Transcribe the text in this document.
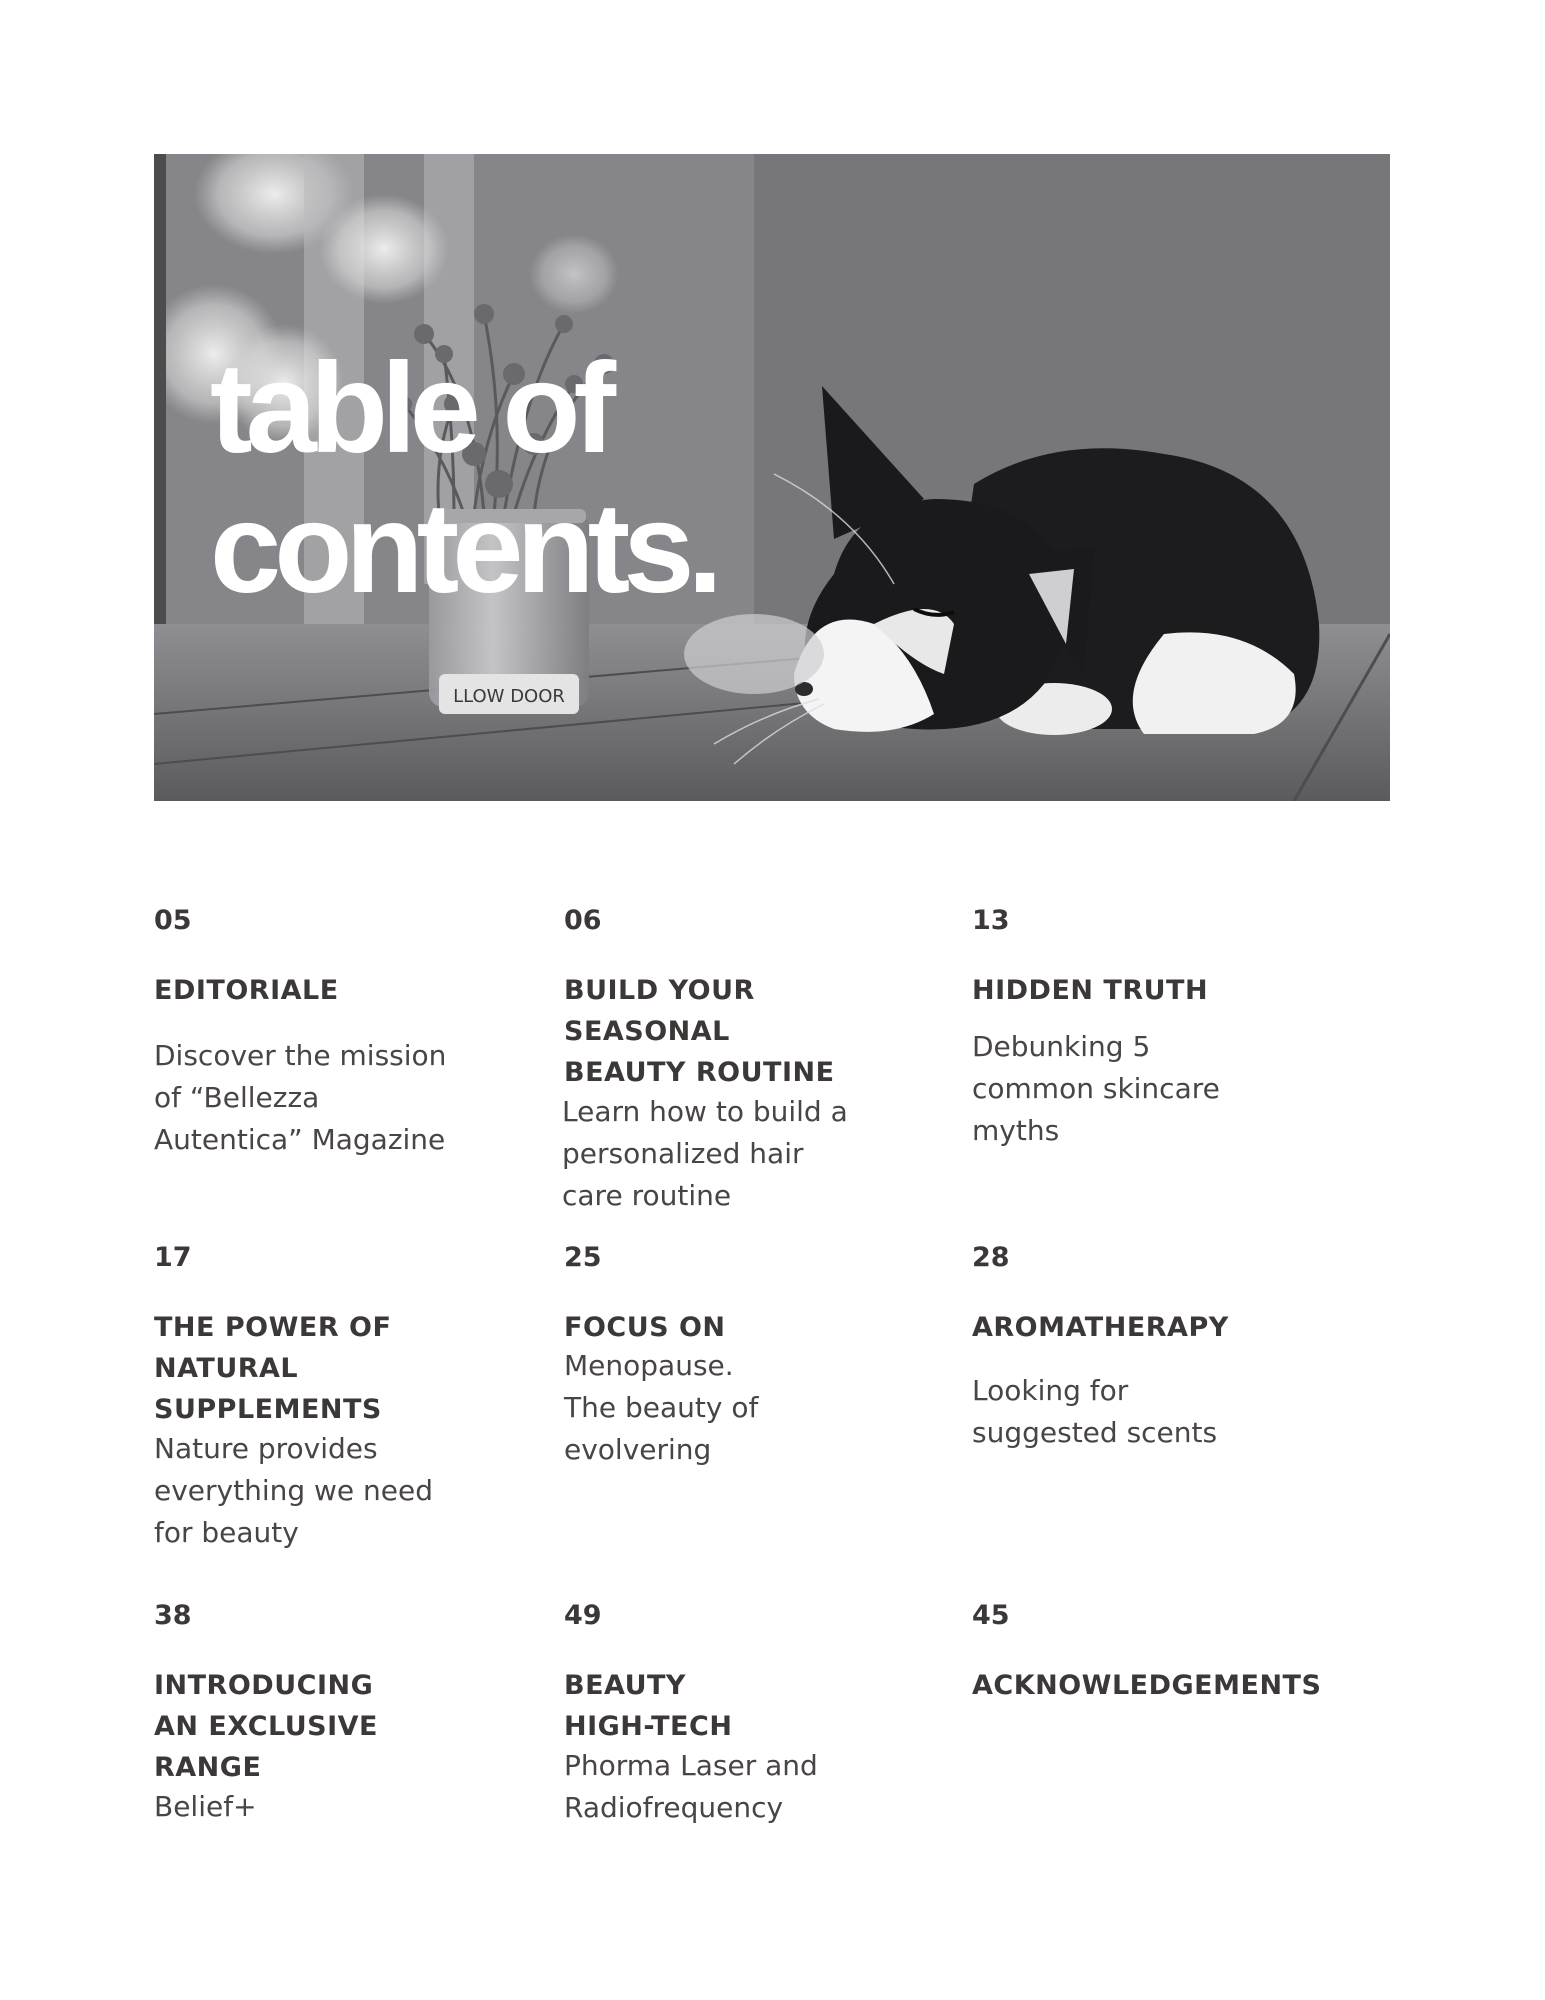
LLOW DOOR
table of
contents.

05

EDITORIALE

Discover the mission
of “Bellezza
Autentica” Magazine

06

BUILD YOUR
SEASONAL
BEAUTY ROUTINE

Learn how to build a
personalized hair
care routine

13

HIDDEN TRUTH

Debunking 5
common skincare
myths

17

THE POWER OF
NATURAL
SUPPLEMENTS

Nature provides
everything we need
for beauty

25

FOCUS ON

Menopause.
The beauty of
evolvering

28

AROMATHERAPY

Looking for
suggested scents

38

INTRODUCING
AN EXCLUSIVE
RANGE

Belief+

49

BEAUTY
HIGH-TECH

Phorma Laser and
Radiofrequency

45

ACKNOWLEDGEMENTS
